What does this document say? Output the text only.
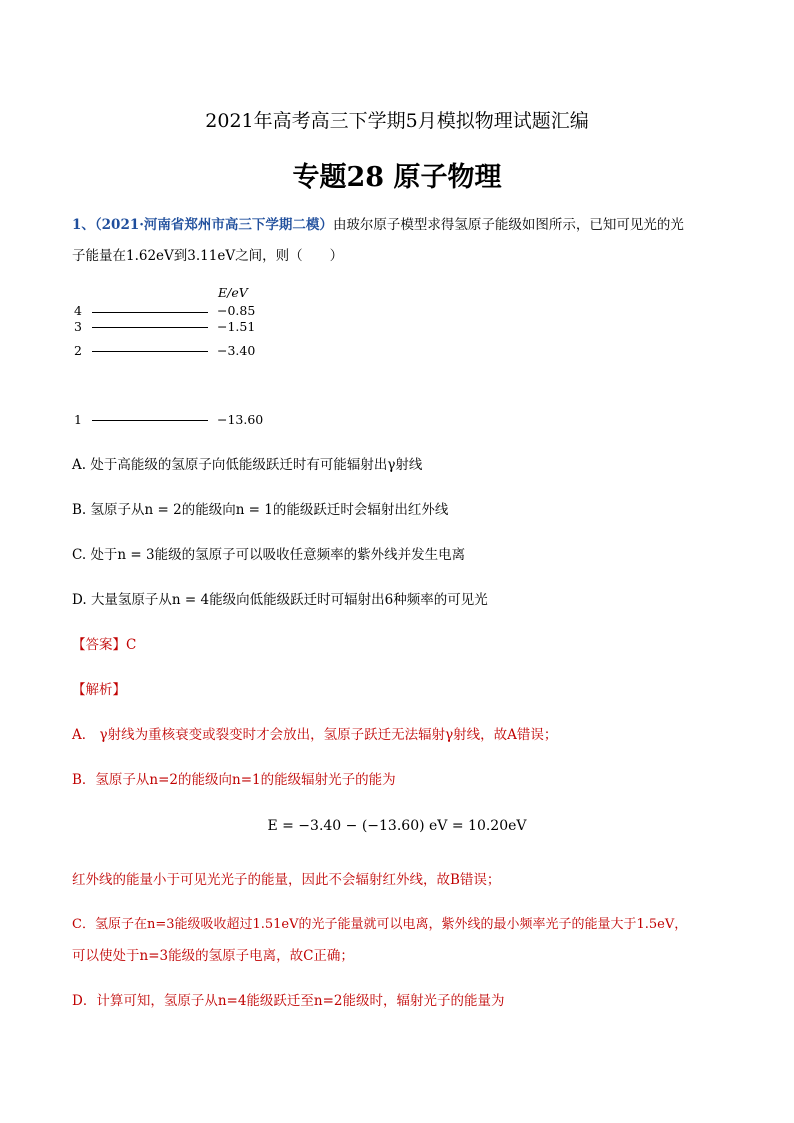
2021年高考高三下学期5月模拟物理试题汇编
专题28 原子物理
1、（2021·河南省郑州市高三下学期二模）由玻尔原子模型求得氢原子能级如图所示，已知可见光的光
子能量在1.62eV到3.11eV之间，则（　　）
E/eV
4	−0.85
3	−1.51
2	−3.40
1	−13.60
A. 处于高能级的氢原子向低能级跃迁时有可能辐射出γ射线
B. 氢原子从n = 2的能级向n = 1的能级跃迁时会辐射出红外线
C. 处于n = 3能级的氢原子可以吸收任意频率的紫外线并发生电离
D. 大量氢原子从n = 4能级向低能级跃迁时可辐射出6种频率的可见光
【答案】C
【解析】
A． γ射线为重核衰变或裂变时才会放出，氢原子跃迁无法辐射γ射线，故A错误；
B．氢原子从n=2的能级向n=1的能级辐射光子的能为
E = −3.40 − (−13.60) eV = 10.20eV
红外线的能量小于可见光光子的能量，因此不会辐射红外线，故B错误；
C．氢原子在n=3能级吸收超过1.51eV的光子能量就可以电离，紫外线的最小频率光子的能量大于1.5eV，
可以使处于n=3能级的氢原子电离，故C正确；
D．计算可知，氢原子从n=4能级跃迁至n=2能级时，辐射光子的能量为
